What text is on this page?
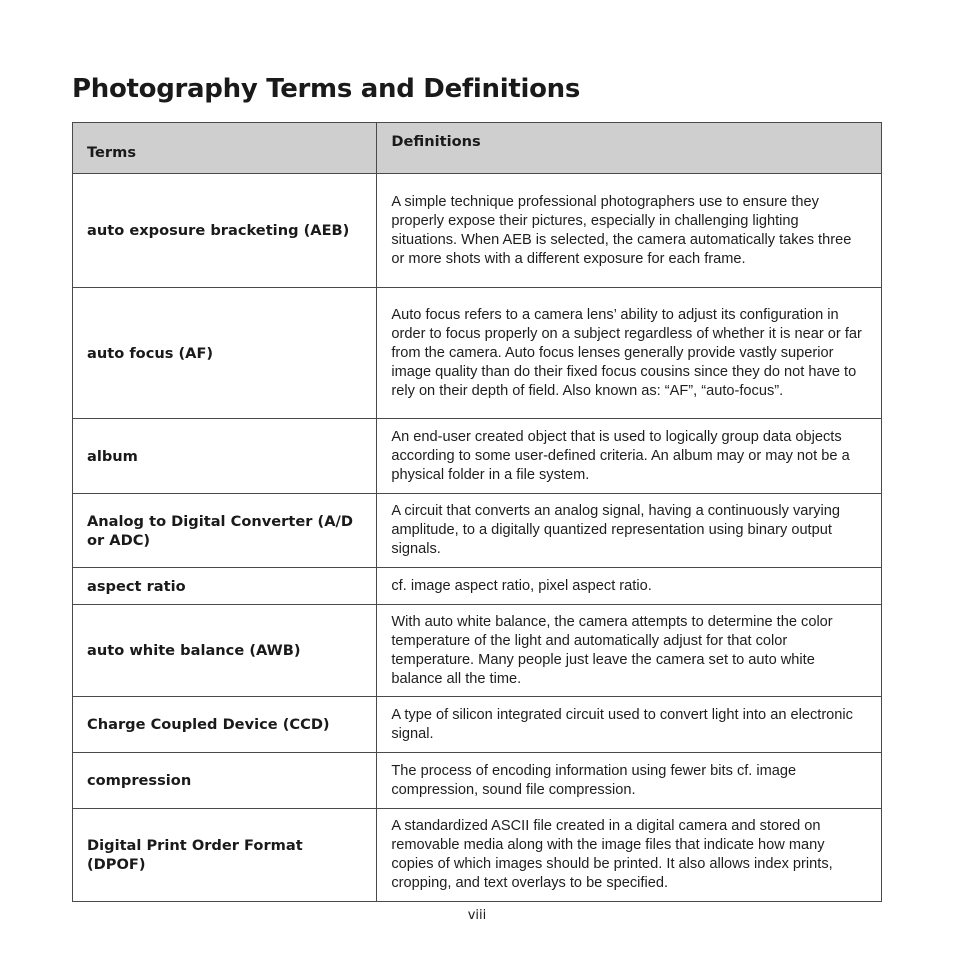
Photography Terms and Definitions
Terms	Definitions
auto exposure bracketing (AEB)	A simple technique professional photographers use to ensure they properly expose their pictures, especially in challenging lighting situations. When AEB is selected, the camera automatically takes three or more shots with a different exposure for each frame.
auto focus (AF)	Auto focus refers to a camera lens’ ability to adjust its configuration in order to focus properly on a subject regardless of whether it is near or far from the camera. Auto focus lenses generally provide vastly superior image quality than do their fixed focus cousins since they do not have to rely on their depth of field. Also known as: “AF”, “auto-focus”.
album	An end-user created object that is used to logically group data objects according to some user-defined criteria. An album may or may not be a physical folder in a file system.
Analog to Digital Converter (A/D or ADC)	A circuit that converts an analog signal, having a continuously varying amplitude, to a digitally quantized representation using binary output signals.
aspect ratio	cf. image aspect ratio, pixel aspect ratio.
auto white balance (AWB)	With auto white balance, the camera attempts to determine the color temperature of the light and automatically adjust for that color temperature. Many people just leave the camera set to auto white balance all the time.
Charge Coupled Device (CCD)	A type of silicon integrated circuit used to convert light into an electronic signal.
compression	The process of encoding information using fewer bits cf. image compression, sound file compression.
Digital Print Order Format (DPOF)	A standardized ASCII file created in a digital camera and stored on removable media along with the image files that indicate how many copies of which images should be printed. It also allows index prints, cropping, and text overlays to be specified.
viii
